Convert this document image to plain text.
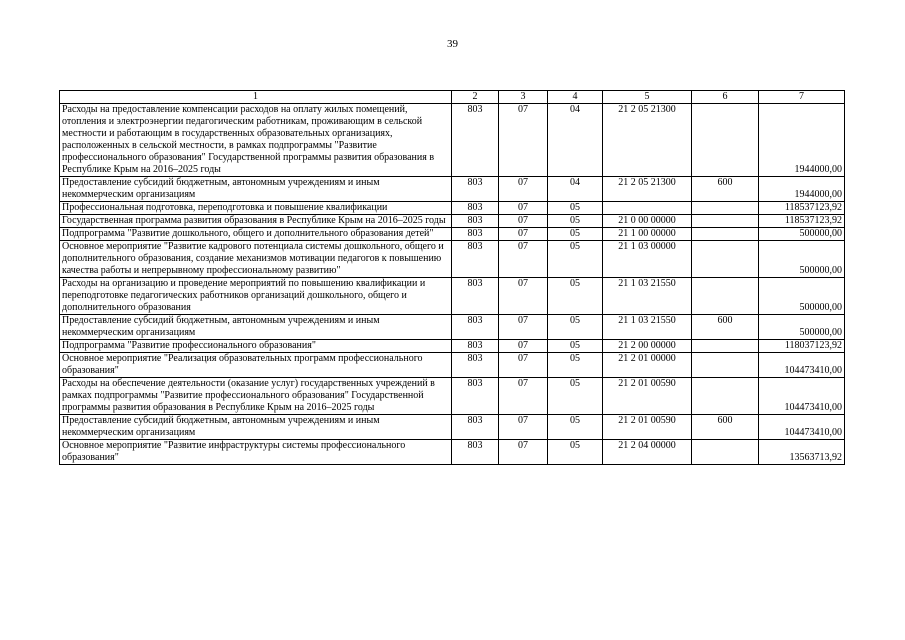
39
1	2	3	4	5	6	7
Расходы на предоставление компенсации расходов на оплату жилых помещений, отопления и электроэнергии педагогическим работникам, проживающим в сельской местности и работающим в государственных образовательных организациях, расположенных в сельской местности, в рамках подпрограммы "Развитие профессионального образования" Государственной программы развития образования в Республике Крым на 2016–2025 годы	803	07	04	21 2 05 21300		1944000,00
Предоставление субсидий бюджетным, автономным учреждениям и иным некоммерческим организациям	803	07	04	21 2 05 21300	600	1944000,00
Профессиональная подготовка, переподготовка и повышение квалификации	803	07	05			118537123,92
Государственная программа развития образования в Республике Крым на 2016–2025 годы	803	07	05	21 0 00 00000		118537123,92
Подпрограмма "Развитие дошкольного, общего и дополнительного образования детей"	803	07	05	21 1 00 00000		500000,00
Основное мероприятие "Развитие кадрового потенциала системы дошкольного, общего и дополнительного образования, создание механизмов мотивации педагогов к повышению качества работы и непрерывному профессиональному развитию"	803	07	05	21 1 03 00000		500000,00
Расходы на организацию и проведение мероприятий по повышению квалификации и переподготовке педагогических работников организаций дошкольного, общего и дополнительного образования	803	07	05	21 1 03 21550		500000,00
Предоставление субсидий бюджетным, автономным учреждениям и иным некоммерческим организациям	803	07	05	21 1 03 21550	600	500000,00
Подпрограмма "Развитие профессионального образования"	803	07	05	21 2 00 00000		118037123,92
Основное мероприятие "Реализация образовательных программ профессионального образования"	803	07	05	21 2 01 00000		104473410,00
Расходы на обеспечение деятельности (оказание услуг) государственных учреждений в рамках подпрограммы "Развитие профессионального образования" Государственной программы развития образования в Республике Крым на 2016–2025 годы	803	07	05	21 2 01 00590		104473410,00
Предоставление субсидий бюджетным, автономным учреждениям и иным некоммерческим организациям	803	07	05	21 2 01 00590	600	104473410,00
Основное мероприятие "Развитие инфраструктуры системы профессионального образования"	803	07	05	21 2 04 00000		13563713,92
